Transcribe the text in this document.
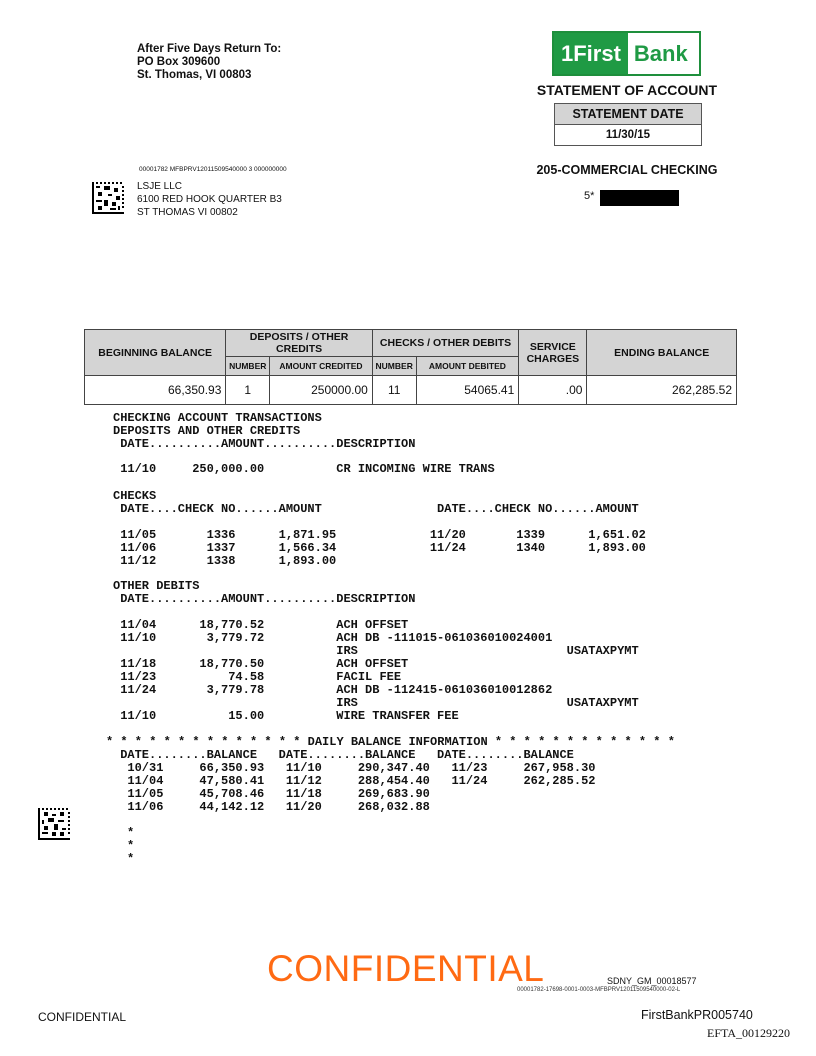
After Five Days Return To:
PO Box 309600
St. Thomas, VI 00803
1First Bank
STATEMENT OF ACCOUNT
STATEMENT DATE
11/30/15
205-COMMERCIAL CHECKING
5*
00001782 MFBPRV12011509540000 3 000000000
LSJE LLC
6100 RED HOOK QUARTER B3
ST THOMAS VI 00802
BEGINNING BALANCE	DEPOSITS / OTHER CREDITS		CHECKS / OTHER DEBITS		SERVICE CHARGES	ENDING BALANCE
	NUMBER	AMOUNT CREDITED	NUMBER	AMOUNT DEBITED		
66,350.93	1	250000.00	11	54065.41	.00	262,285.52
CHECKING ACCOUNT TRANSACTIONS
DEPOSITS AND OTHER CREDITS
DATE..........AMOUNT..........DESCRIPTION
11/10     250,000.00          CR INCOMING WIRE TRANS
CHECKS
DATE....CHECK NO......AMOUNT                DATE....CHECK NO......AMOUNT
11/05       1336      1,871.95             11/20       1339      1,651.02
11/06       1337      1,566.34             11/24       1340      1,893.00
11/12       1338      1,893.00
OTHER DEBITS
DATE..........AMOUNT..........DESCRIPTION
11/04      18,770.52          ACH OFFSET
11/10       3,779.72          ACH DB -111015-061036010024001
IRS                             USATAXPYMT
11/18      18,770.50          ACH OFFSET
11/23          74.58          FACIL FEE
11/24       3,779.78          ACH DB -112415-061036010012862
IRS                             USATAXPYMT
11/10          15.00          WIRE TRANSFER FEE
* * * * * * * * * * * * * * DAILY BALANCE INFORMATION * * * * * * * * * * * * *
DATE........BALANCE   DATE........BALANCE   DATE........BALANCE
10/31     66,350.93   11/10     290,347.40   11/23     267,958.30
11/04     47,580.41   11/12     288,454.40   11/24     262,285.52
11/05     45,708.46   11/18     269,683.90
11/06     44,142.12   11/20     268,032.88
*
*
*
CONFIDENTIAL	SDNY_GM_00018577
00001782-17698-0001-0003-MFBPRV12011509540000-02-L
CONFIDENTIAL	FirstBankPR005740
EFTA_00129220
